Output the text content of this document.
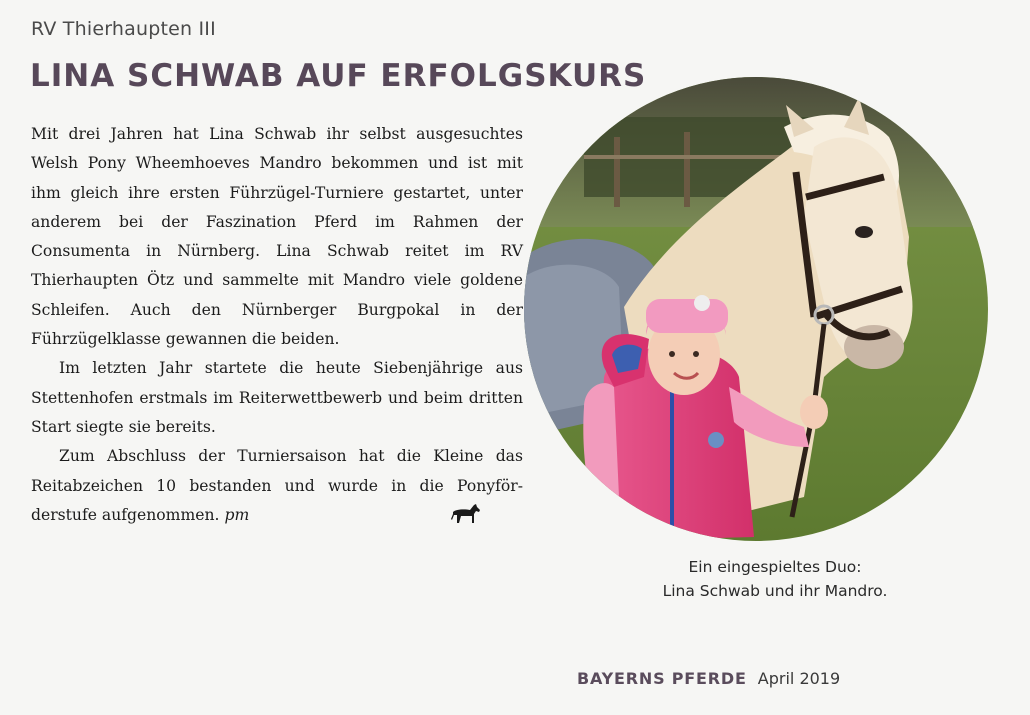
RV Thierhaupten III
LINA SCHWAB AUF ERFOLGSKURS

Mit drei Jahren hat Lina Schwab ihr selbst ausgesuchtes Welsh Pony Wheemhoeves Mandro bekommen und ist mit ihm gleich ihre ersten Führzügel-Turniere gestartet, unter anderem bei der Faszination Pferd im Rahmen der Consumenta in Nürnberg. Lina Schwab reitet im RV Thierhaupten Ötz und sammelte mit Mandro viele goldene Schleifen. Auch den Nürnberger Burgpokal in der Führzügelklasse gewannen die beiden.

Im letzten Jahr startete die heute Siebenjährige aus Stettenhofen erstmals im Reiterwettbewerb und beim dritten Start siegte sie bereits.

Zum Abschluss der Turniersaison hat die Kleine das Reitabzeichen 10 bestanden und wurde in die Ponyförderstufe aufgenommen. pm

Ein eingespieltes Duo:
Lina Schwab und ihr Mandro.
BAYERNS PFERDE April 2019
